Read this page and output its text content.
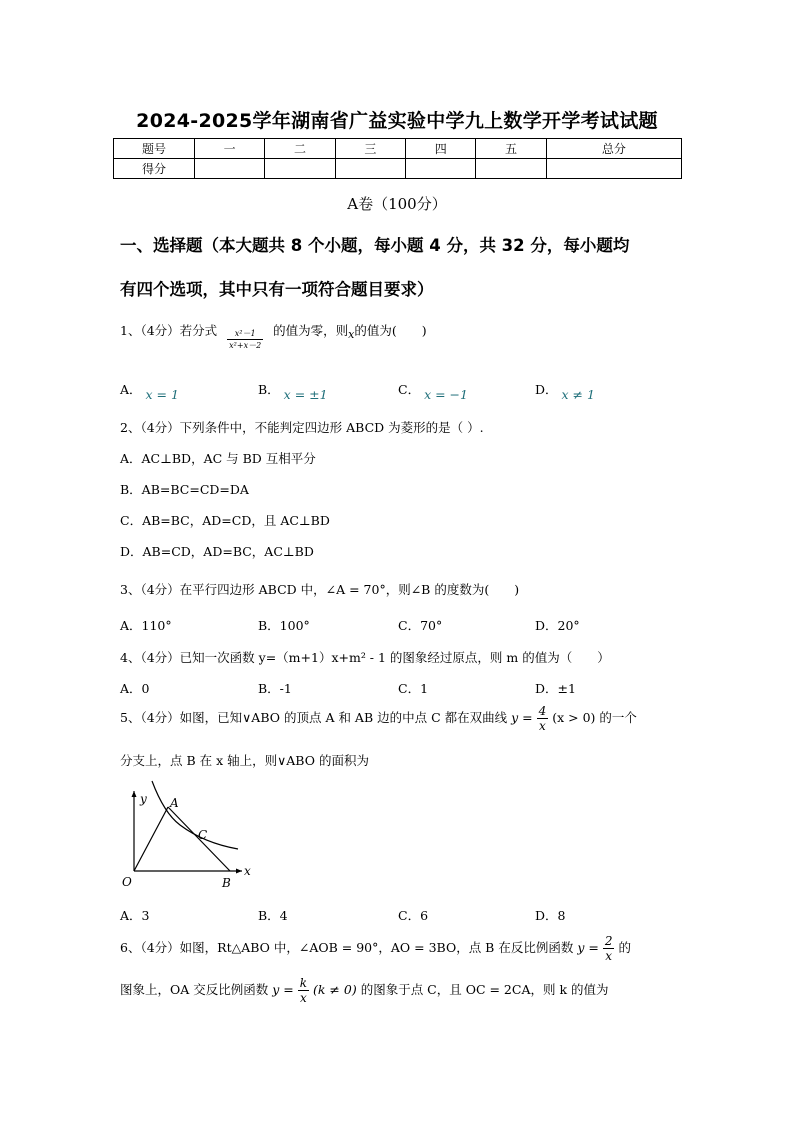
2024-2025学年湖南省广益实验中学九上数学开学考试试题
题号	一	二	三	四	五	总分
得分						
A卷（100分）
一、选择题（本大题共 8 个小题，每小题 4 分，共 32 分，每小题均
有四个选项，其中只有一项符合题目要求）
1、（4分）若分式 $\frac{\text{x²－1}}{\text{x²+x－2}}$ 的值为零，则x的值为(　　)
A． x = 1	B． x = ±1	C． x = −1	D． x ≠ 1
2、（4分）下列条件中，不能判定四边形 ABCD 为菱形的是（ ）.
A．AC⊥BD，AC 与 BD 互相平分
B．AB=BC=CD=DA
C．AB=BC，AD=CD，且 AC⊥BD
D．AB=CD，AD=BC，AC⊥BD
3、（4分）在平行四边形 ABCD 中，∠A = 70°，则∠B 的度数为(　　)
A．110°	B．100°	C．70°	D．20°
4、（4分）已知一次函数 y=（m+1）x+m² - 1 的图象经过原点，则 m 的值为（　　）
A．0	B．-1	C．1	D．±1
5、（4分）如图，已知∨ABO 的顶点 A 和 AB 边的中点 C 都在双曲线 $y = \frac{4}{x} (x > 0)$ 的一个
分支上，点 B 在 x 轴上，则∨ABO 的面积为
y A
C
O	B
x
A．3	B．4	C．6	D．8
6、（4分）如图，Rt△ABO 中，∠AOB = 90°，AO = 3BO，点 B 在反比例函数 $y = \frac{2}{x}$ 的
图象上，OA 交反比例函数 $y = \frac{k}{x} (k \ne 0)$ 的图象于点 C，且 OC = 2CA，则 k 的值为
